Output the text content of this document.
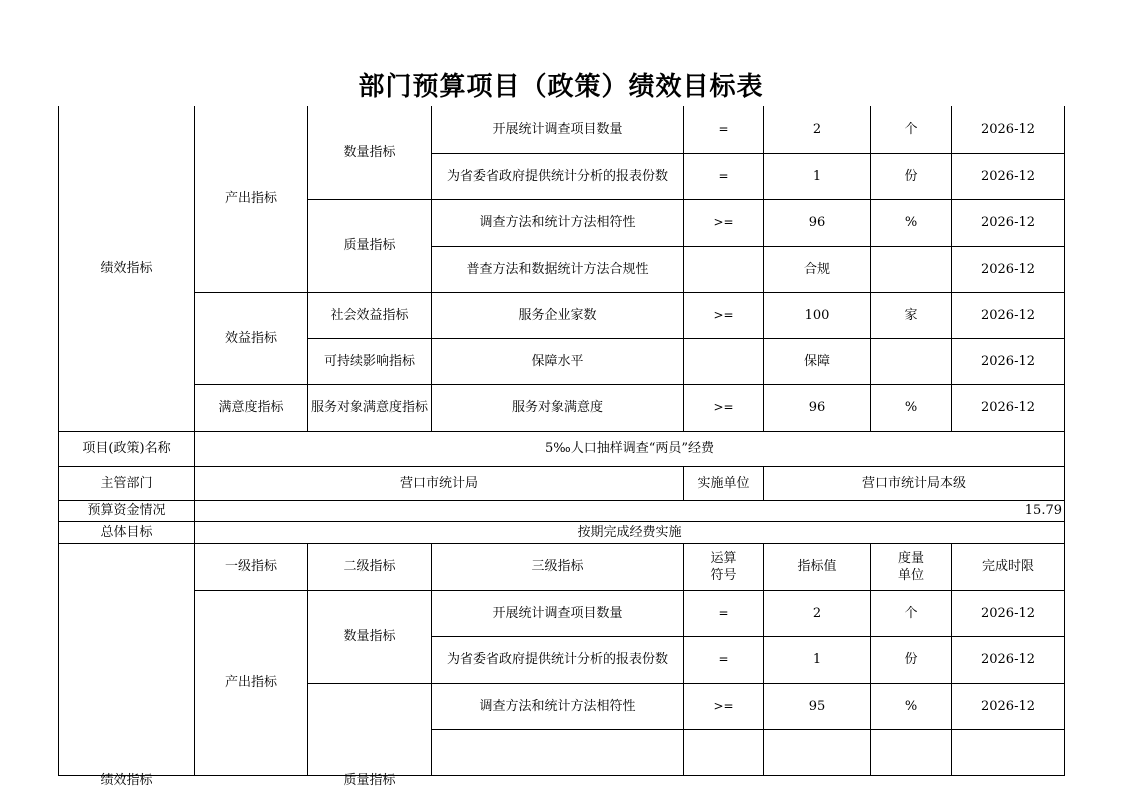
部门预算项目（政策）绩效目标表
绩效指标	产出指标	数量指标	开展统计调查项目数量	=	2	个	2026-12
			为省委省政府提供统计分析的报表份数	=	1	份	2026-12
		质量指标	调查方法和统计方法相符性	>=	96	%	2026-12
			普查方法和数据统计方法合规性		合规		2026-12
	效益指标	社会效益指标	服务企业家数	>=	100	家	2026-12
		可持续影响指标	保障水平		保障		2026-12
	满意度指标	服务对象满意度指标	服务对象满意度	>=	96	%	2026-12
项目(政策)名称	5‰人口抽样调查“两员”经费						
主管部门	营口市统计局			实施单位	营口市统计局本级		
预算资金情况	15.79						
总体目标	按期完成经费实施						

绩效指标	一级指标	二级指标	三级指标	运算符号	指标值	度量单位	完成时限
	产出指标	数量指标	开展统计调查项目数量	=	2	个	2026-12
			为省委省政府提供统计分析的报表份数	=	1	份	2026-12

		质量指标	调查方法和统计方法相符性	>=	95	%	2026-12
